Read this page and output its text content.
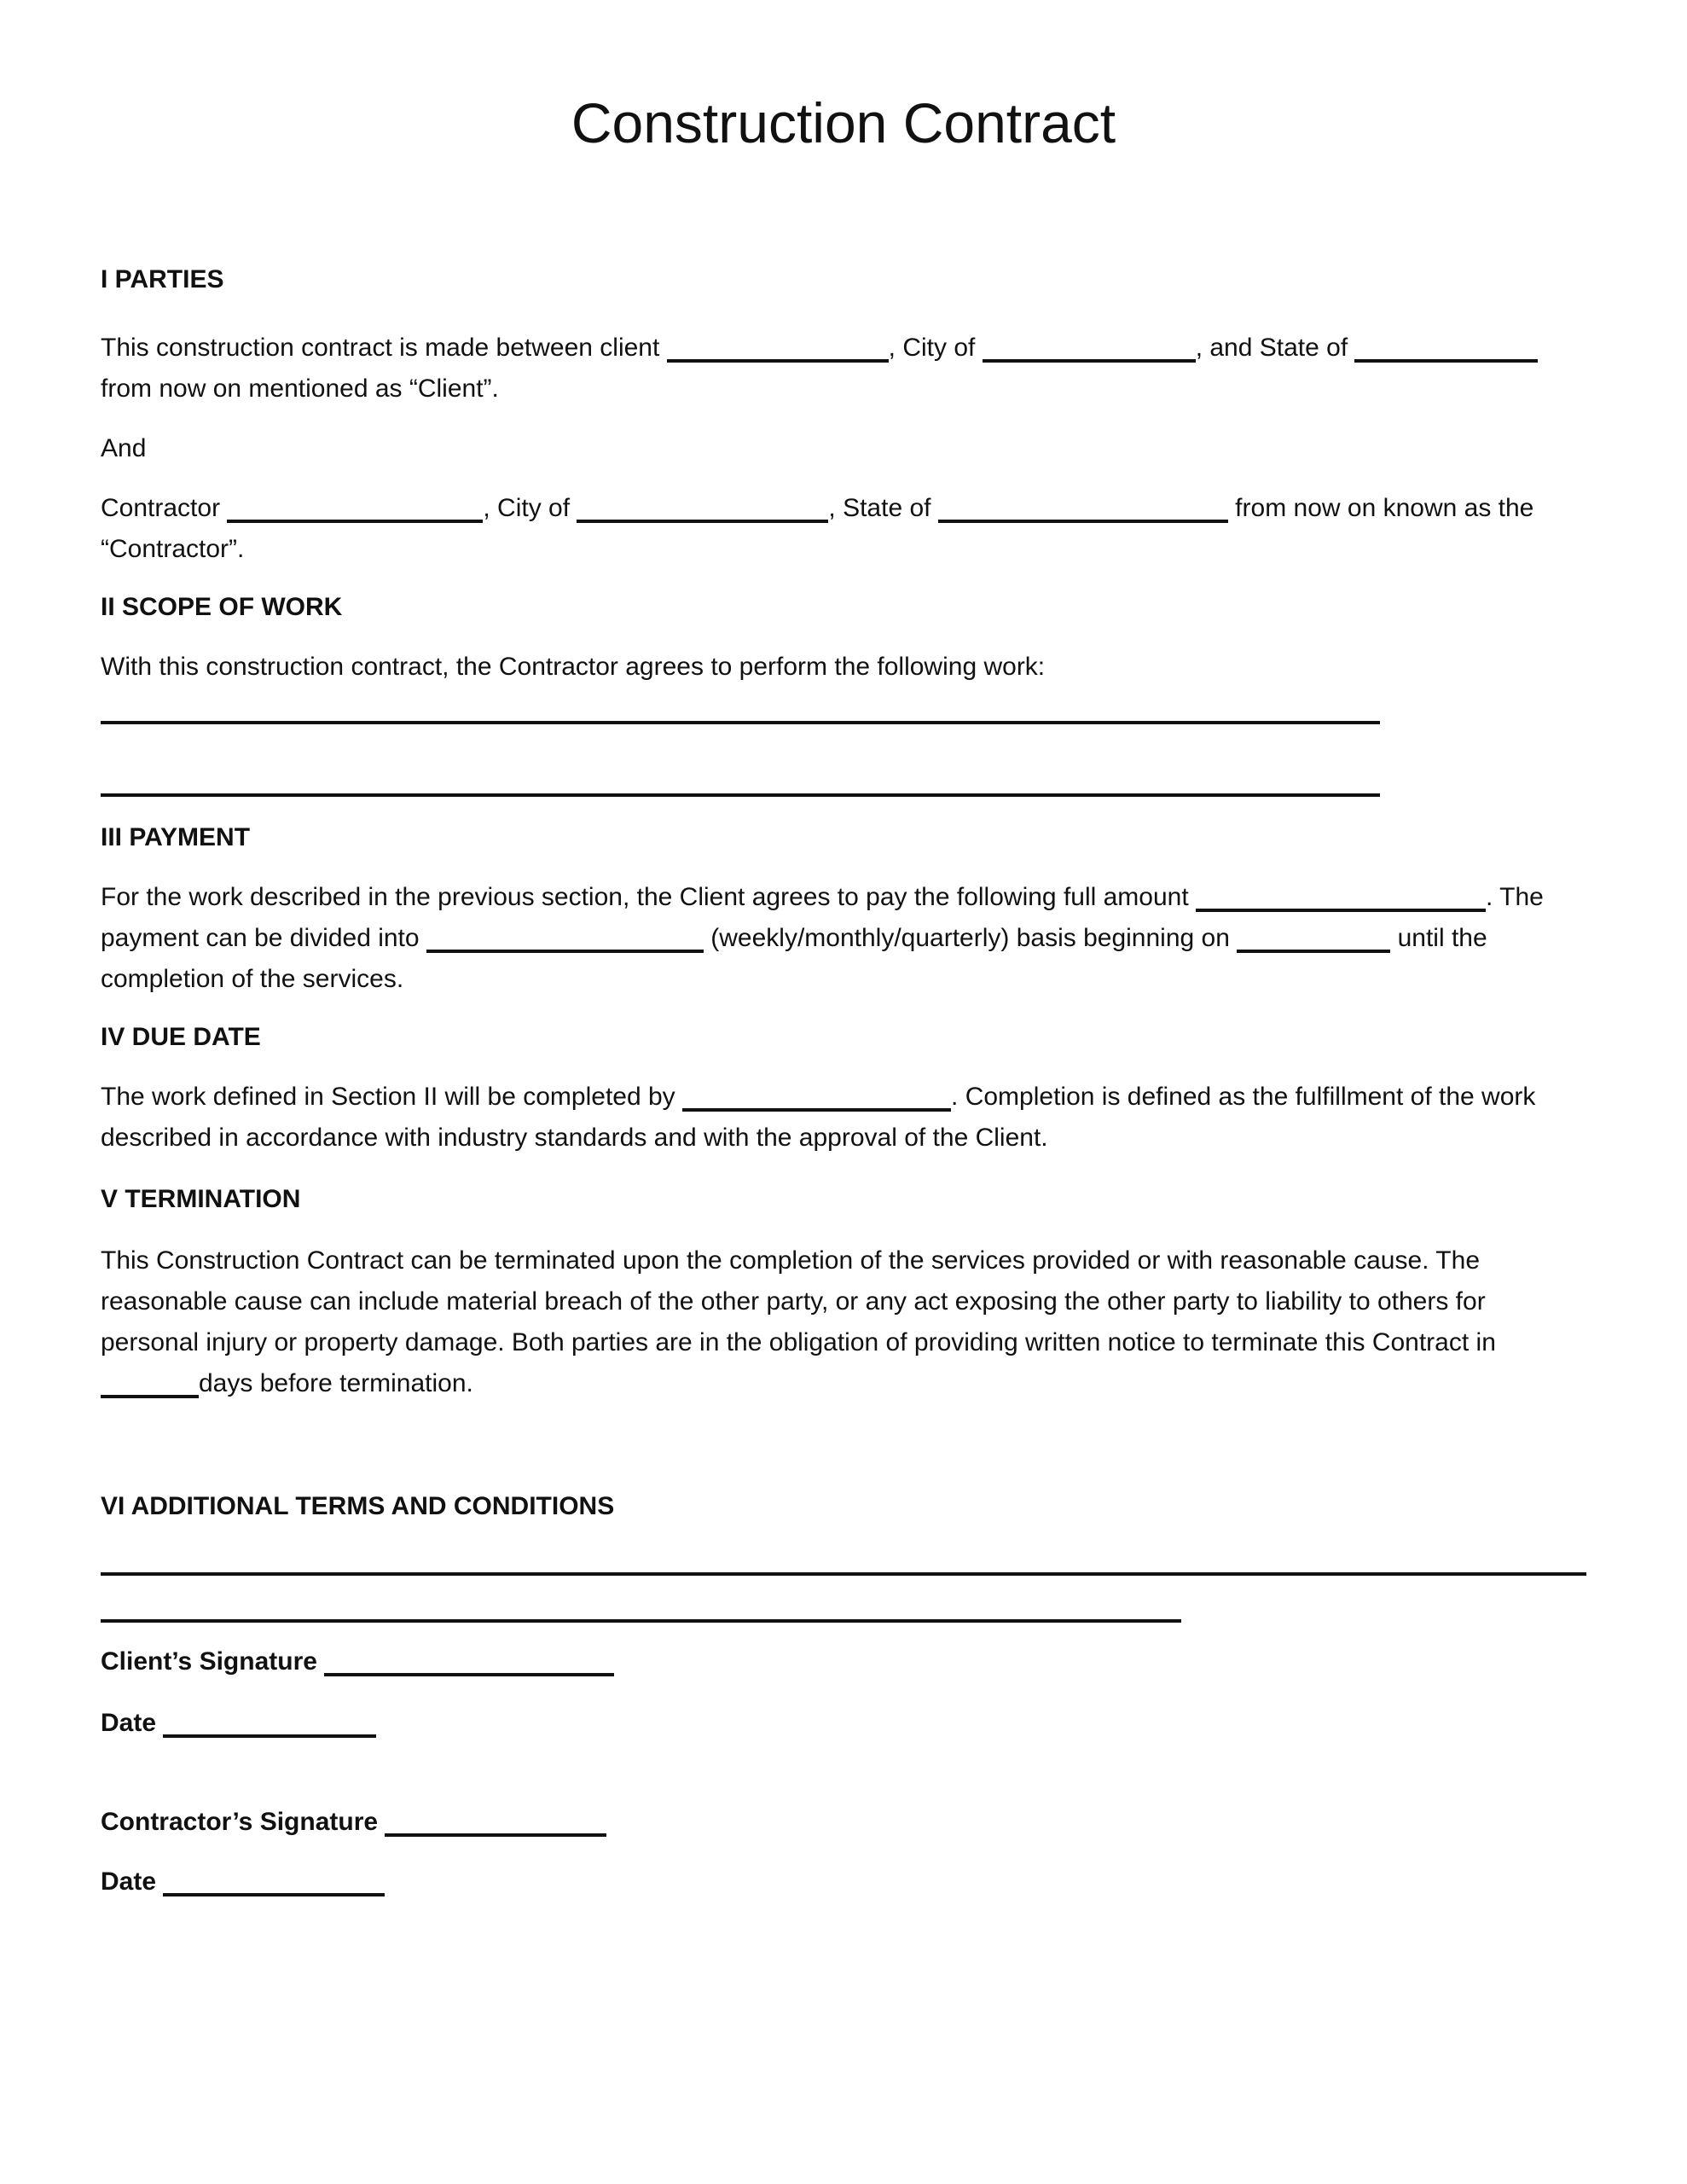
Construction Contract
I PARTIES

This construction contract is made between client	, City of	, and State of  from now on mentioned as “Client”.

And

Contractor	, City of	, State of	from now on known as the “Contractor”.

II SCOPE OF WORK

With this construction contract, the Contractor agrees to perform the following work:

III PAYMENT

For the work described in the previous section, the Client agrees to pay the following full amount	. The payment can be divided into	(weekly/monthly/quarterly) basis beginning on	until the completion of the services.

IV DUE DATE

The work defined in Section II will be completed by	. Completion is defined as the fulfillment of the work described in accordance with industry standards and with the approval of the Client.

V TERMINATION

This Construction Contract can be terminated upon the completion of the services provided or with reasonable cause. The reasonable cause can include material breach of the other party, or any act exposing the other party to liability to others for personal injury or property damage. Both parties are in the obligation of providing written notice to terminate this Contract in days before termination.

VI ADDITIONAL TERMS AND CONDITIONS

Client’s Signature

Date

Contractor’s Signature

Date
